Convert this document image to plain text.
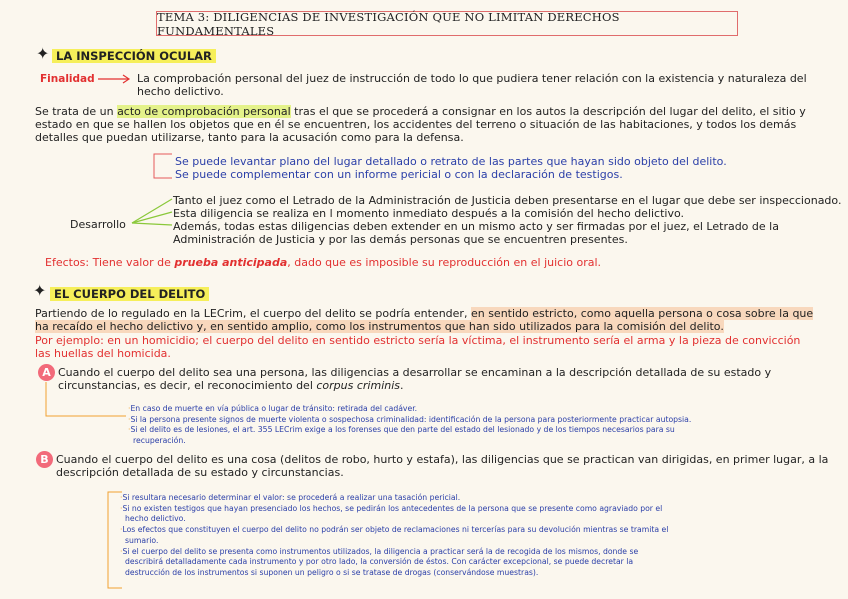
TEMA 3: DILIGENCIAS DE INVESTIGACIÓN QUE NO LIMITAN DERECHOS FUNDAMENTALES
✦ LA INSPECCIÓN OCULAR
Finalidad	La comprobación personal del juez de instrucción de todo lo que pudiera tener relación con la existencia y naturaleza del
hecho delictivo.
Se trata de un acto de comprobación personal tras el que se procederá a consignar en los autos la descripción del lugar del delito, el sitio y
estado en que se hallen los objetos que en él se encuentren, los accidentes del terreno o situación de las habitaciones, y todos los demás
detalles que puedan utilizarse, tanto para la acusación como para la defensa.
Se puede levantar plano del lugar detallado o retrato de las partes que hayan sido objeto del delito.
Se puede complementar con un informe pericial o con la declaración de testigos.
Desarrollo
Tanto el juez como el Letrado de la Administración de Justicia deben presentarse en el lugar que debe ser inspeccionado.
Esta diligencia se realiza en l momento inmediato después a la comisión del hecho delictivo.
Además, todas estas diligencias deben extender en un mismo acto y ser firmadas por el juez, el Letrado de la
Administración de Justicia y por las demás personas que se encuentren presentes.
Efectos: Tiene valor de prueba anticipada, dado que es imposible su reproducción en el juicio oral.
✦ EL CUERPO DEL DELITO
Partiendo de lo regulado en la LECrim, el cuerpo del delito se podría entender, en sentido estricto, como aquella persona o cosa sobre la que
ha recaído el hecho delictivo y, en sentido amplio, como los instrumentos que han sido utilizados para la comisión del delito.
Por ejemplo: en un homicidio; el cuerpo del delito en sentido estricto sería la víctima, el instrumento sería el arma y la pieza de convicción
las huellas del homicida.
A Cuando el cuerpo del delito sea una persona, las diligencias a desarrollar se encaminan a la descripción detallada de su estado y
circunstancias, es decir, el reconocimiento del corpus criminis.
·En caso de muerte en vía pública o lugar de tránsito: retirada del cadáver.
·Si la persona presente signos de muerte violenta o sospechosa criminalidad: identificación de la persona para posteriormente practicar autopsia.
·Si el delito es de lesiones, el art. 355 LECrim exige a los forenses que den parte del estado del lesionado y de los tiempos necesarios para su
recuperación.
B Cuando el cuerpo del delito es una cosa (delitos de robo, hurto y estafa), las diligencias que se practican van dirigidas, en primer lugar, a la
descripción detallada de su estado y circunstancias.
·Si resultara necesario determinar el valor: se procederá a realizar una tasación pericial.
·Si no existen testigos que hayan presenciado los hechos, se pedirán los antecedentes de la persona que se presente como agraviado por el
hecho delictivo.
·Los efectos que constituyen el cuerpo del delito no podrán ser objeto de reclamaciones ni tercerías para su devolución mientras se tramita el
sumario.
·Si el cuerpo del delito se presenta como instrumentos utilizados, la diligencia a practicar será la de recogida de los mismos, donde se
describirá detalladamente cada instrumento y por otro lado, la conversión de éstos. Con carácter excepcional, se puede decretar la
destrucción de los instrumentos si suponen un peligro o si se tratase de drogas (conservándose muestras).
